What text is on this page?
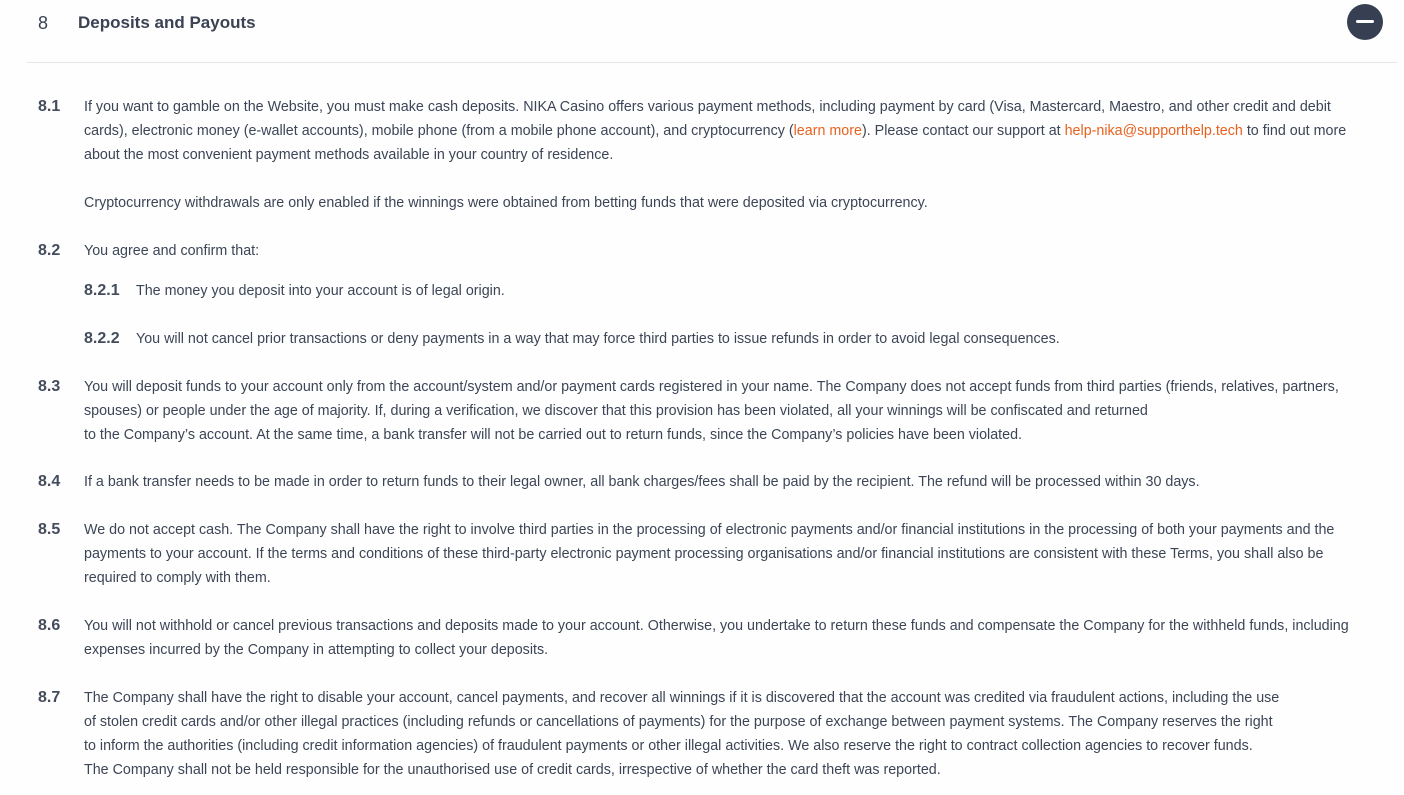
8 Deposits and Payouts
8.1 If you want to gamble on the Website, you must make cash deposits. NIKA Casino offers various payment methods, including payment by card (Visa, Mastercard, Maestro, and other credit and debit cards), electronic money (e-wallet accounts), mobile phone (from a mobile phone account), and cryptocurrency (learn more). Please contact our support at help-nika@supporthelp.tech to find out more about the most convenient payment methods available in your country of residence.
Cryptocurrency withdrawals are only enabled if the winnings were obtained from betting funds that were deposited via cryptocurrency.
8.2 You agree and confirm that:
8.2.1 The money you deposit into your account is of legal origin.
8.2.2 You will not cancel prior transactions or deny payments in a way that may force third parties to issue refunds in order to avoid legal consequences.
8.3 You will deposit funds to your account only from the account/system and/or payment cards registered in your name. The Company does not accept funds from third parties (friends, relatives, partners, spouses) or people under the age of majority. If, during a verification, we discover that this provision has been violated, all your winnings will be confiscated and returned
to the Company’s account. At the same time, a bank transfer will not be carried out to return funds, since the Company’s policies have been violated.
8.4 If a bank transfer needs to be made in order to return funds to their legal owner, all bank charges/fees shall be paid by the recipient. The refund will be processed within 30 days.
8.5 We do not accept cash. The Company shall have the right to involve third parties in the processing of electronic payments and/or financial institutions in the processing of both your payments and the payments to your account. If the terms and conditions of these third-party electronic payment processing organisations and/or financial institutions are consistent with these Terms, you shall also be required to comply with them.
8.6 You will not withhold or cancel previous transactions and deposits made to your account. Otherwise, you undertake to return these funds and compensate the Company for the withheld funds, including expenses incurred by the Company in attempting to collect your deposits.
8.7 The Company shall have the right to disable your account, cancel payments, and recover all winnings if it is discovered that the account was credited via fraudulent actions, including the use
of stolen credit cards and/or other illegal practices (including refunds or cancellations of payments) for the purpose of exchange between payment systems. The Company reserves the right
to inform the authorities (including credit information agencies) of fraudulent payments or other illegal activities. We also reserve the right to contract collection agencies to recover funds.
The Company shall not be held responsible for the unauthorised use of credit cards, irrespective of whether the card theft was reported.
